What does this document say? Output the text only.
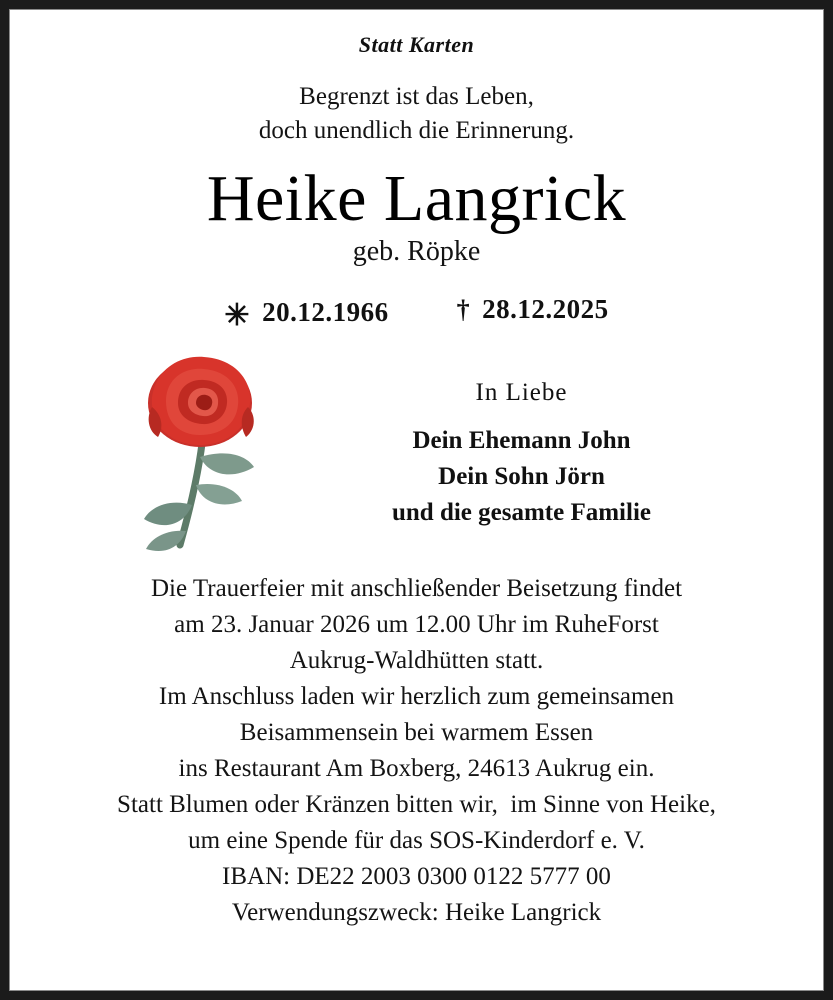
Statt Karten
Begrenzt ist das Leben,
doch unendlich die Erinnerung.
Heike Langrick
geb. Röpke
✳ 20.12.1966	† 28.12.2025
In Liebe
Dein Ehemann John
Dein Sohn Jörn
und die gesamte Familie
Die Trauerfeier mit anschließender Beisetzung findet
am 23. Januar 2026 um 12.00 Uhr im RuheForst
Aukrug-Waldhütten statt.
Im Anschluss laden wir herzlich zum gemeinsamen
Beisammensein bei warmem Essen
ins Restaurant Am Boxberg, 24613 Aukrug ein.
Statt Blumen oder Kränzen bitten wir,  im Sinne von Heike,
um eine Spende für das SOS-Kinderdorf e. V.
IBAN: DE22 2003 0300 0122 5777 00
Verwendungszweck: Heike Langrick
